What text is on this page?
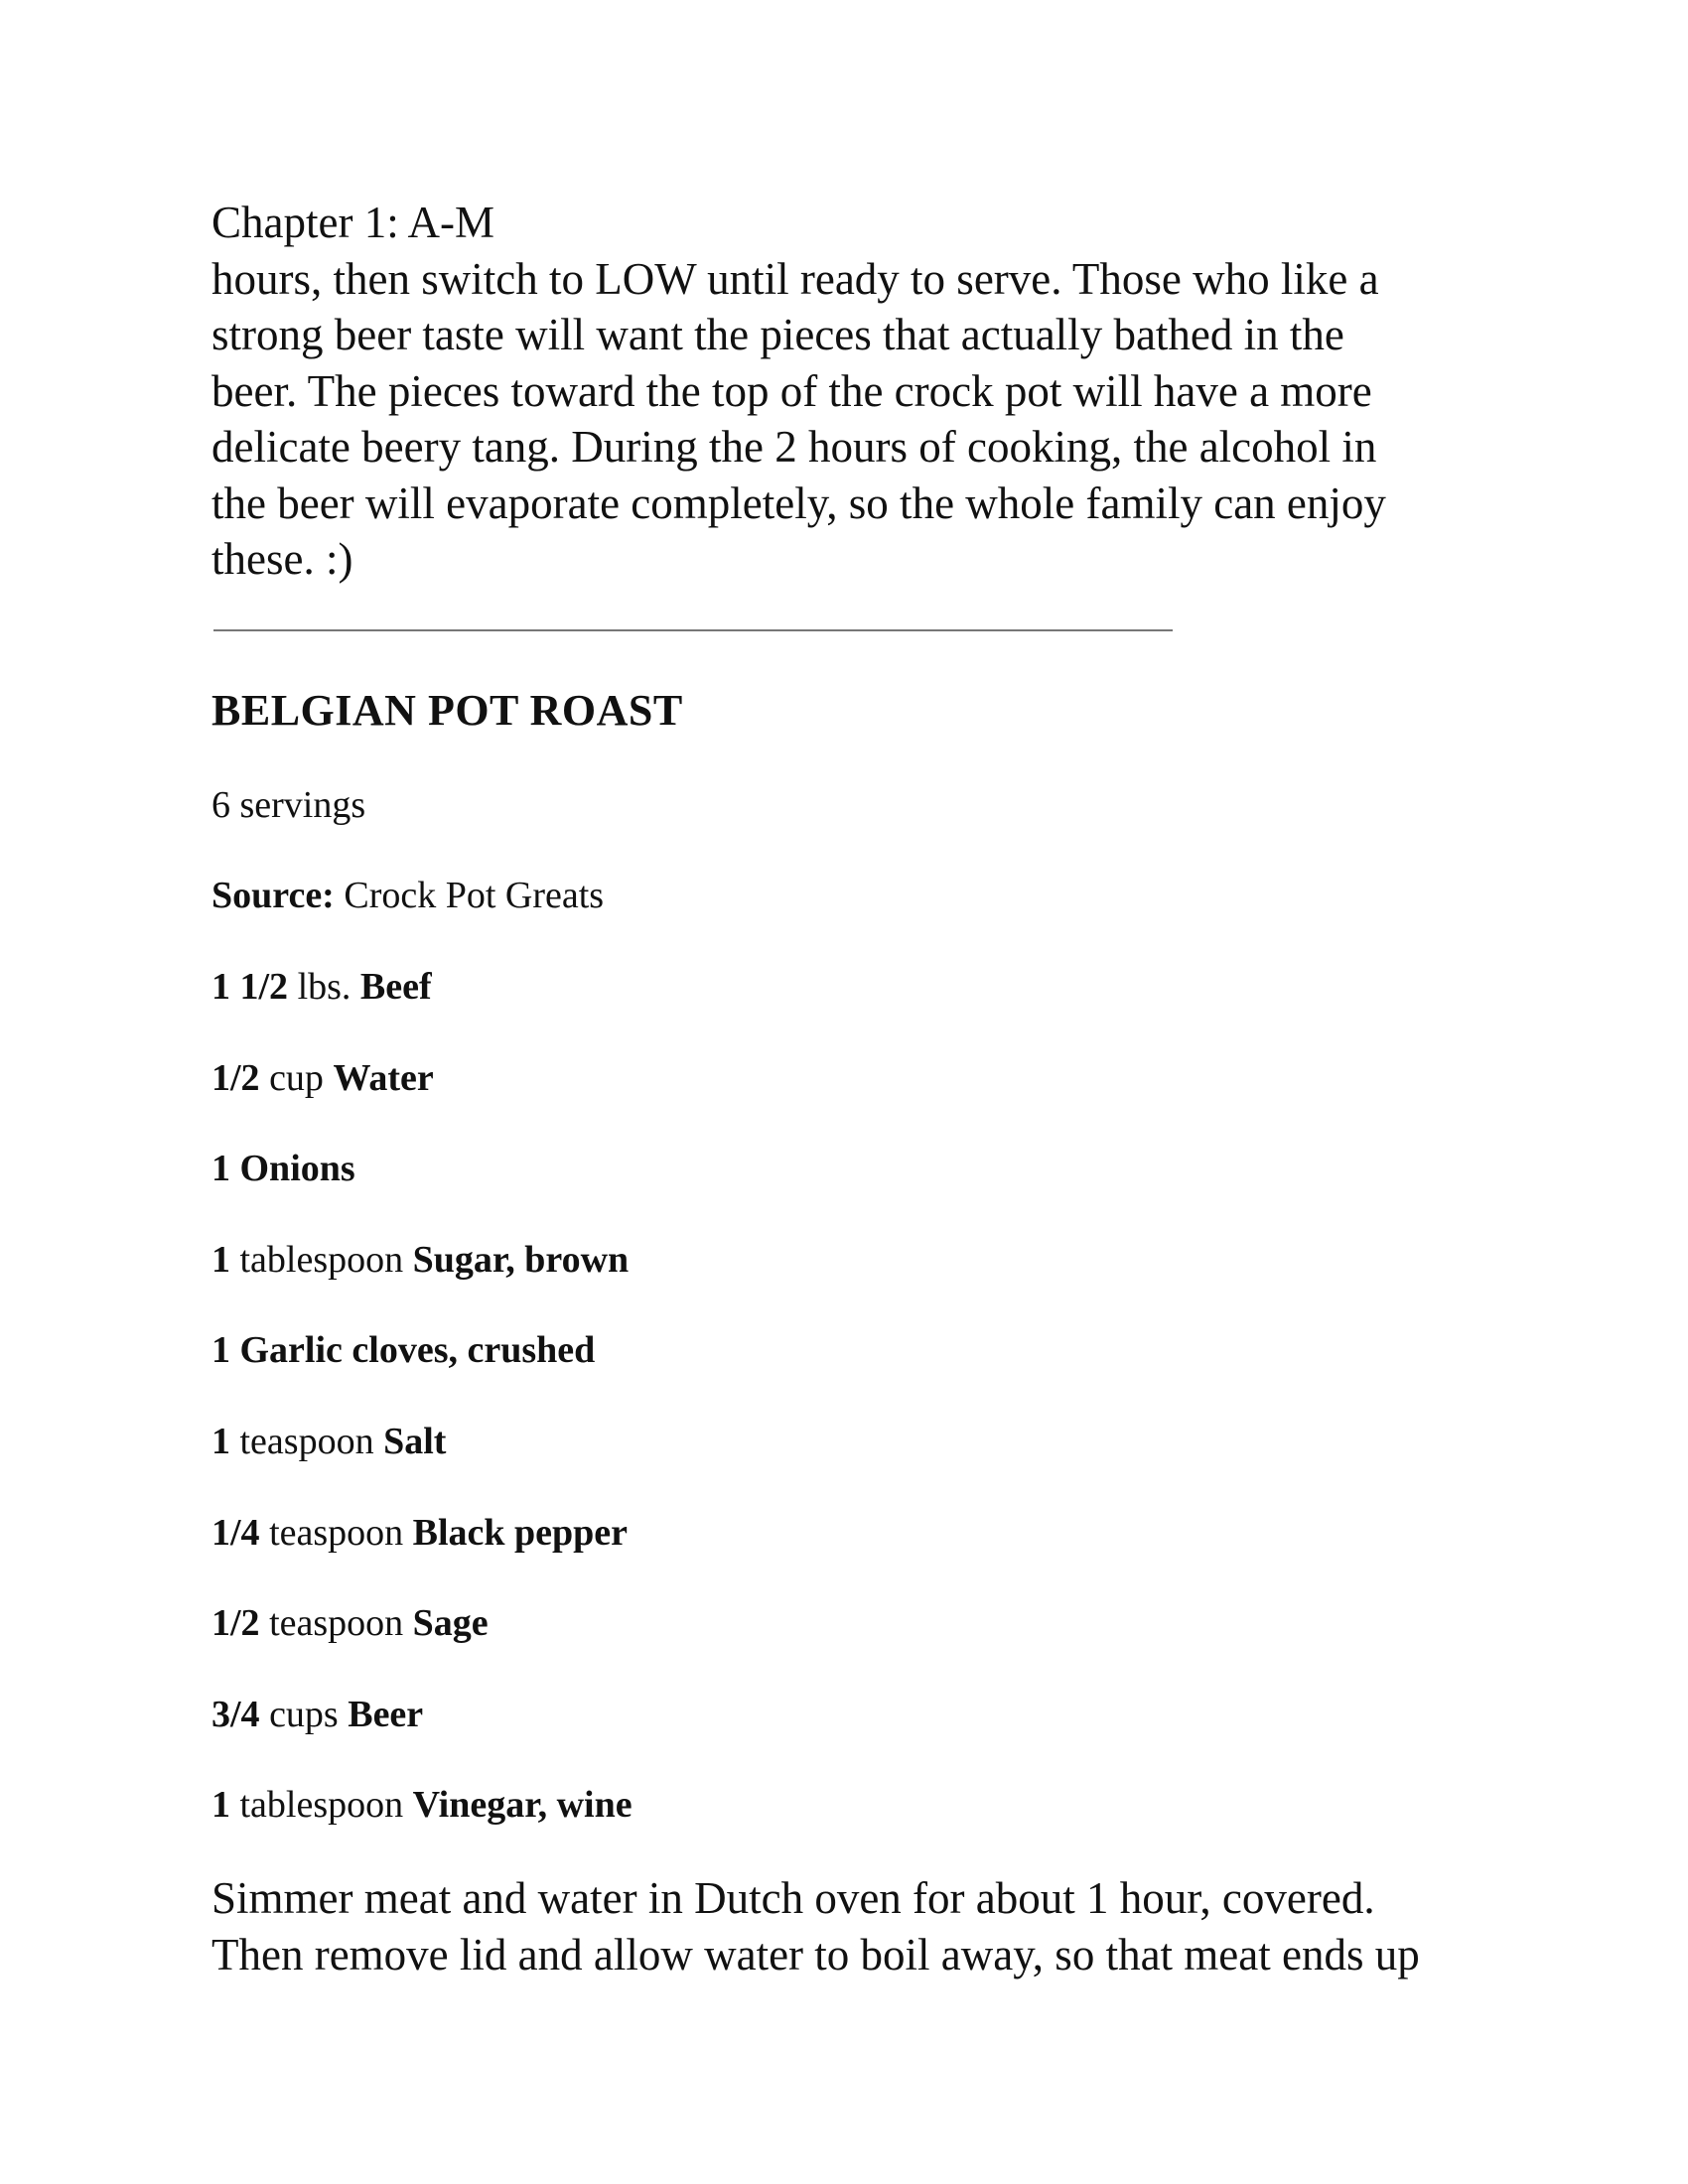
Chapter 1: A-M
hours, then switch to LOW until ready to serve. Those who like a
strong beer taste will want the pieces that actually bathed in the
beer. The pieces toward the top of the crock pot will have a more
delicate beery tang. During the 2 hours of cooking, the alcohol in
the beer will evaporate completely, so the whole family can enjoy
these. :)
BELGIAN POT ROAST

6 servings

Source: Crock Pot Greats

1 1/2 lbs. Beef
1/2 cup Water
1 Onions
1 tablespoon Sugar, brown
1 Garlic cloves, crushed
1 teaspoon Salt
1/4 teaspoon Black pepper
1/2 teaspoon Sage
3/4 cups Beer
1 tablespoon Vinegar, wine
Simmer meat and water in Dutch oven for about 1 hour, covered.
Then remove lid and allow water to boil away, so that meat ends up
